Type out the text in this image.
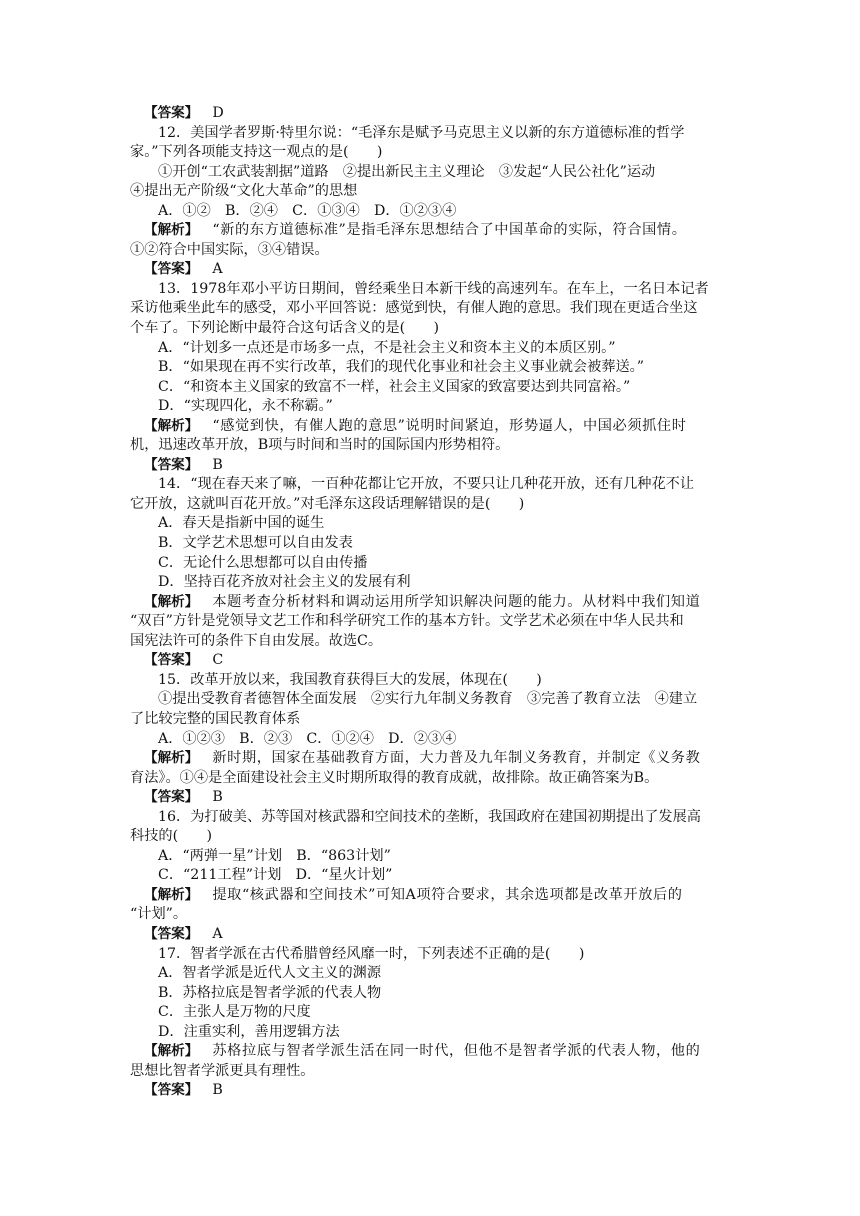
【答案】 D
12．美国学者罗斯·特里尔说：“毛泽东是赋予马克思主义以新的东方道德标准的哲学
家。”下列各项能支持这一观点的是(　　)
①开创“工农武装割据”道路　②提出新民主主义理论　③发起“人民公社化”运动
④提出无产阶级“文化大革命”的思想
A．①②　B．②④　C．①③④　D．①②③④
【解析】 “新的东方道德标准”是指毛泽东思想结合了中国革命的实际，符合国情。
①②符合中国实际，③④错误。
【答案】 A
13．1978年邓小平访日期间，曾经乘坐日本新干线的高速列车。在车上，一名日本记者
采访他乘坐此车的感受，邓小平回答说：感觉到快，有催人跑的意思。我们现在更适合坐这
个车了。下列论断中最符合这句话含义的是(　　)
A．“计划多一点还是市场多一点，不是社会主义和资本主义的本质区别。”
B．“如果现在再不实行改革，我们的现代化事业和社会主义事业就会被葬送。”
C．“和资本主义国家的致富不一样，社会主义国家的致富要达到共同富裕。”
D．“实现四化，永不称霸。”
【解析】 “感觉到快，有催人跑的意思”说明时间紧迫，形势逼人，中国必须抓住时
机，迅速改革开放，B项与时间和当时的国际国内形势相符。
【答案】 B
14．“现在春天来了嘛，一百种花都让它开放，不要只让几种花开放，还有几种花不让
它开放，这就叫百花开放。”对毛泽东这段话理解错误的是(　　)
A．春天是指新中国的诞生
B．文学艺术思想可以自由发表
C．无论什么思想都可以自由传播
D．坚持百花齐放对社会主义的发展有利
【解析】 本题考查分析材料和调动运用所学知识解决问题的能力。从材料中我们知道
“双百”方针是党领导文艺工作和科学研究工作的基本方针。文学艺术必须在中华人民共和
国宪法许可的条件下自由发展。故选C。
【答案】 C
15．改革开放以来，我国教育获得巨大的发展，体现在(　　)
①提出受教育者德智体全面发展　②实行九年制义务教育　③完善了教育立法　④建立
了比较完整的国民教育体系
A．①②③　B．②③　C．①②④　D．②③④
【解析】 新时期，国家在基础教育方面，大力普及九年制义务教育，并制定《义务教
育法》。①④是全面建设社会主义时期所取得的教育成就，故排除。故正确答案为B。
【答案】 B
16．为打破美、苏等国对核武器和空间技术的垄断，我国政府在建国初期提出了发展高
科技的(　　)
A．“两弹一星”计划　B．“863计划”
C．“211工程”计划　D．“星火计划”
【解析】 提取“核武器和空间技术”可知A项符合要求，其余选项都是改革开放后的
“计划”。
【答案】 A
17．智者学派在古代希腊曾经风靡一时，下列表述不正确的是(　　)
A．智者学派是近代人文主义的渊源
B．苏格拉底是智者学派的代表人物
C．主张人是万物的尺度
D．注重实利，善用逻辑方法
【解析】 苏格拉底与智者学派生活在同一时代，但他不是智者学派的代表人物，他的
思想比智者学派更具有理性。
【答案】 B
